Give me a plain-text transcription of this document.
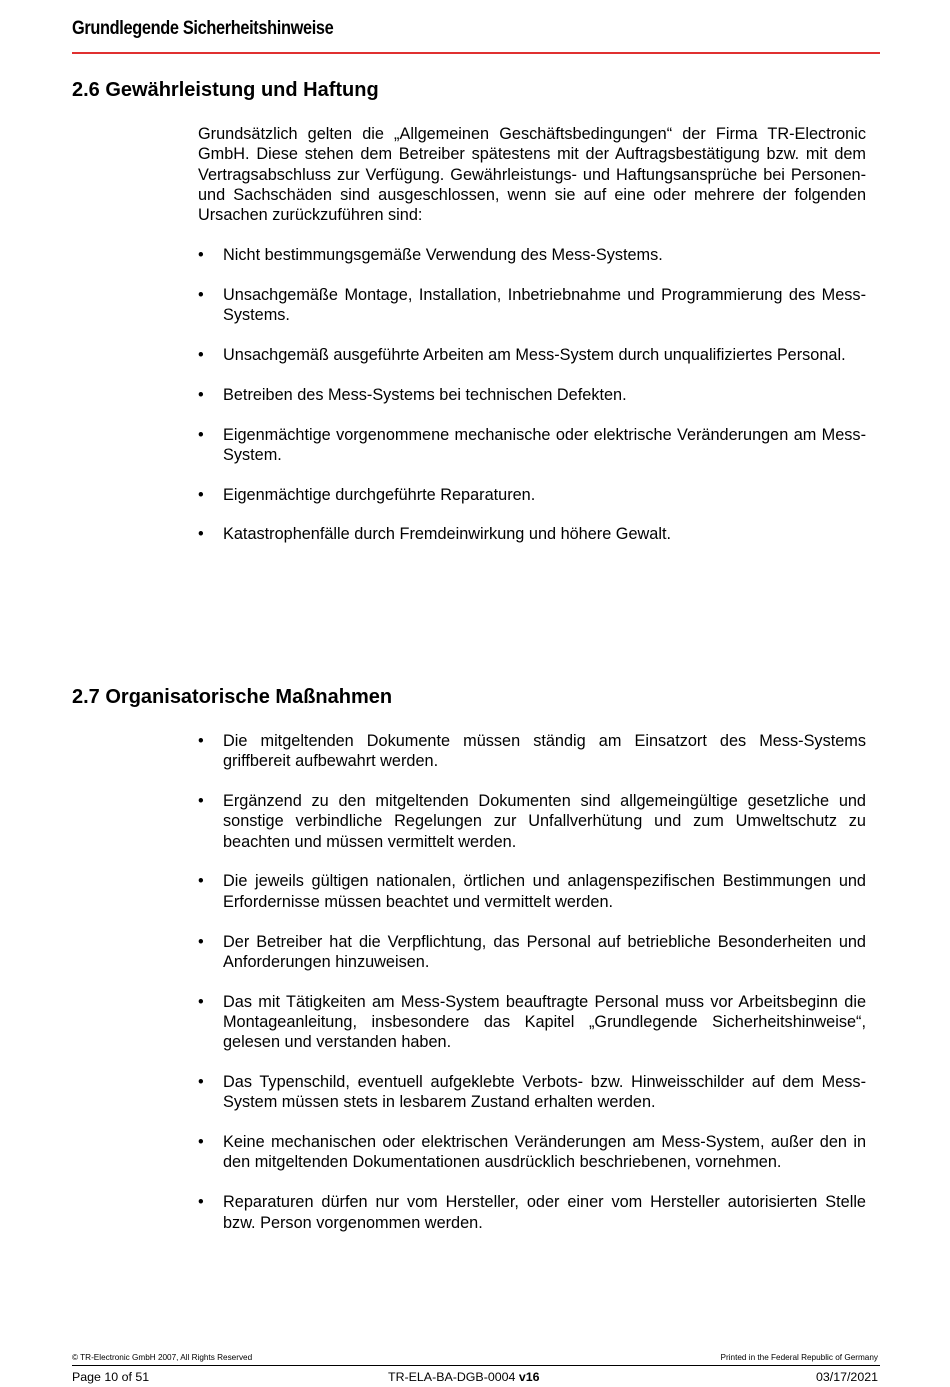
Grundlegende Sicherheitshinweise
2.6 Gewährleistung und Haftung

Grundsätzlich gelten die „Allgemeinen Geschäftsbedingungen“ der Firma TR-Electronic GmbH. Diese stehen dem Betreiber spätestens mit der Auftragsbestätigung bzw. mit dem Vertragsabschluss zur Verfügung. Gewährleistungs- und Haftungsansprüche bei Personen- und Sachschäden sind ausgeschlossen, wenn sie auf eine oder mehrere der folgenden Ursachen zurückzuführen sind:

• Nicht bestimmungsgemäße Verwendung des Mess-Systems.
• Unsachgemäße Montage, Installation, Inbetriebnahme und Programmierung des Mess-Systems.
• Unsachgemäß ausgeführte Arbeiten am Mess-System durch unqualifiziertes Personal.
• Betreiben des Mess-Systems bei technischen Defekten.
• Eigenmächtige vorgenommene mechanische oder elektrische Veränderungen am Mess-System.
• Eigenmächtige durchgeführte Reparaturen.
• Katastrophenfälle durch Fremdeinwirkung und höhere Gewalt.
2.7 Organisatorische Maßnahmen
• Die mitgeltenden Dokumente müssen ständig am Einsatzort des Mess-Systems griffbereit aufbewahrt werden.
• Ergänzend zu den mitgeltenden Dokumenten sind allgemeingültige gesetzliche und sonstige verbindliche Regelungen zur Unfallverhütung und zum Umweltschutz zu beachten und müssen vermittelt werden.
• Die jeweils gültigen nationalen, örtlichen und anlagenspezifischen Bestimmungen und Erfordernisse müssen beachtet und vermittelt werden.
• Der Betreiber hat die Verpflichtung, das Personal auf betriebliche Besonderheiten und Anforderungen hinzuweisen.
• Das mit Tätigkeiten am Mess-System beauftragte Personal muss vor Arbeitsbeginn die Montageanleitung, insbesondere das Kapitel „Grundlegende Sicherheitshinweise“, gelesen und verstanden haben.
• Das Typenschild, eventuell aufgeklebte Verbots- bzw. Hinweisschilder auf dem Mess-System müssen stets in lesbarem Zustand erhalten werden.
• Keine mechanischen oder elektrischen Veränderungen am Mess-System, außer den in den mitgeltenden Dokumentationen ausdrücklich beschriebenen, vornehmen.
• Reparaturen dürfen nur vom Hersteller, oder einer vom Hersteller autorisierten Stelle bzw. Person vorgenommen werden.
© TR-Electronic GmbH 2007, All Rights Reserved	Printed in the Federal Republic of Germany
Page 10 of 51	TR-ELA-BA-DGB-0004 v16	03/17/2021
